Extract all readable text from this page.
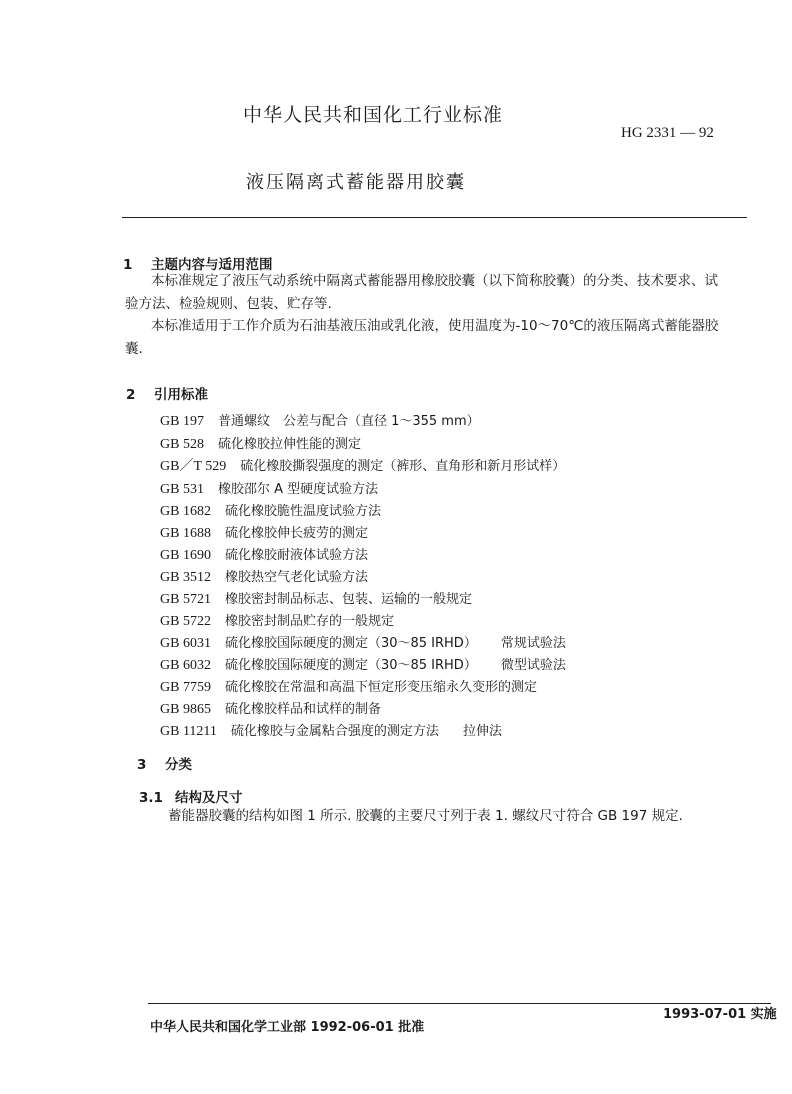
中华人民共和国化工行业标准
HG 2331 — 92
液压隔离式蓄能器用胶囊
1 主题内容与适用范围
本标准规定了液压气动系统中隔离式蓄能器用橡胶胶囊（以下简称胶囊）的分类、技术要求、试
验方法、检验规则、包装、贮存等.
本标准适用于工作介质为石油基液压油或乳化液，使用温度为-10～70℃的液压隔离式蓄能器胶
囊.
2 引用标准
GB 197 普通螺纹　公差与配合（直径 1～355 mm）
GB 528 硫化橡胶拉伸性能的测定
GB／T 529 硫化橡胶撕裂强度的测定（裤形、直角形和新月形试样）
GB 531 橡胶邵尔 A 型硬度试验方法
GB 1682 硫化橡胶脆性温度试验方法
GB 1688 硫化橡胶伸长疲劳的测定
GB 1690 硫化橡胶耐液体试验方法
GB 3512 橡胶热空气老化试验方法
GB 5721 橡胶密封制品标志、包装、运输的一般规定
GB 5722 橡胶密封制品贮存的一般规定
GB 6031 硫化橡胶国际硬度的测定（30～85 IRHD） 常规试验法
GB 6032 硫化橡胶国际硬度的测定（30～85 IRHD） 微型试验法
GB 7759 硫化橡胶在常温和高温下恒定形变压缩永久变形的测定
GB 9865 硫化橡胶样品和试样的制备
GB 11211 硫化橡胶与金属粘合强度的测定方法 拉伸法
3 分类
3.1 结构及尺寸
蓄能器胶囊的结构如图 1 所示. 胶囊的主要尺寸列于表 1. 螺纹尺寸符合 GB 197 规定.
中华人民共和国化学工业部 1992-06-01 批准
1993-07-01 实施
